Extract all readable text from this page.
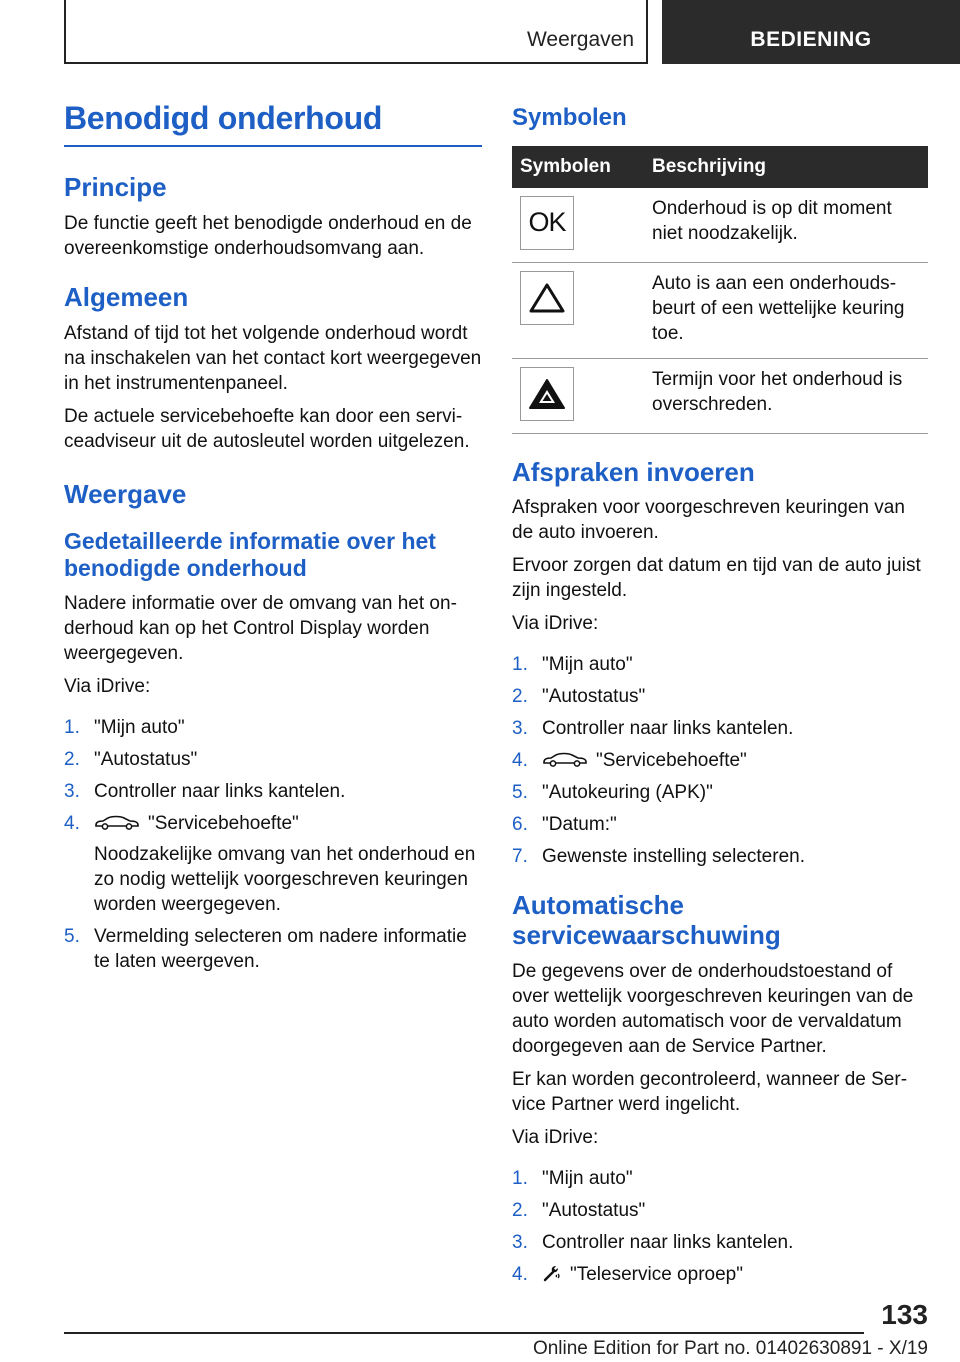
Weergaven	BEDIENING
Benodigd onderhoud
Principe

De functie geeft het benodigde onderhoud en de overeenkomstige onderhoudsomvang aan.

Algemeen

Afstand of tijd tot het volgende onderhoud wordt na inschakelen van het contact kort weergegeven in het instrumentenpaneel.

De actuele servicebehoefte kan door een serviceadviseur uit de autosleutel worden uitgelezen.

Weergave
Gedetailleerde informatie over het benodigde onderhoud

Nadere informatie over de omvang van het onderhoud kan op het Control Display worden weergegeven.

Via iDrive:

1. "Mijn auto"
2. "Autostatus"
3. Controller naar links kantelen.
4.	"Servicebehoefte"
Noodzakelijke omvang van het onderhoud en zo nodig wettelijk voorgeschreven keuringen worden weergegeven.
5. Vermelding selecteren om nadere informatie te laten weergeven.
Symbolen
Symbolen	Beschrijving

OK	Onderhoud is op dit moment niet noodzakelijk.

	Auto is aan een onderhoudsbeurt of een wettelijke keuring toe.

	Termijn voor het onderhoud is overschreden.
Afspraken invoeren

Afspraken voor voorgeschreven keuringen van de auto invoeren.

Ervoor zorgen dat datum en tijd van de auto juist zijn ingesteld.

Via iDrive:

1. "Mijn auto"
2. "Autostatus"
3. Controller naar links kantelen.
4.	"Servicebehoefte"
5. "Autokeuring (APK)"
6. "Datum:"
7. Gewenste instelling selecteren.
Automatische servicewaarschuwing

De gegevens over de onderhoudstoestand of over wettelijk voorgeschreven keuringen van de auto worden automatisch voor de vervaldatum doorgegeven aan de Service Partner.

Er kan worden gecontroleerd, wanneer de Service Partner werd ingelicht.

Via iDrive:

1. "Mijn auto"
2. "Autostatus"
3. Controller naar links kantelen.
4. "Teleservice oproep"
133
Online Edition for Part no. 01402630891 - X/19
